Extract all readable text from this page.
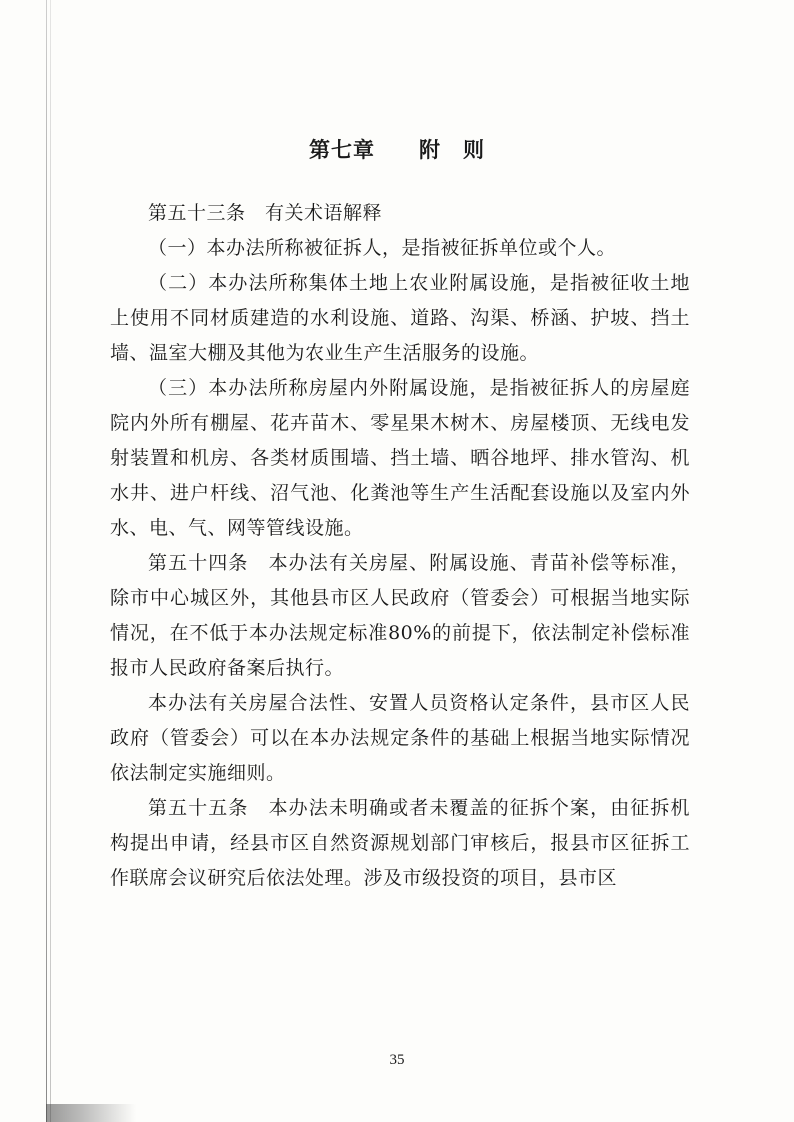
第七章　　附　则

第五十三条　有关术语解释

（一）本办法所称被征拆人，是指被征拆单位或个人。

（二）本办法所称集体土地上农业附属设施，是指被征收土地上使用不同材质建造的水利设施、道路、沟渠、桥涵、护坡、挡土墙、温室大棚及其他为农业生产生活服务的设施。

（三）本办法所称房屋内外附属设施，是指被征拆人的房屋庭院内外所有棚屋、花卉苗木、零星果木树木、房屋楼顶、无线电发射装置和机房、各类材质围墙、挡土墙、晒谷地坪、排水管沟、机水井、进户杆线、沼气池、化粪池等生产生活配套设施以及室内外水、电、气、网等管线设施。

第五十四条　本办法有关房屋、附属设施、青苗补偿等标准，除市中心城区外，其他县市区人民政府（管委会）可根据当地实际情况，在不低于本办法规定标准80%的前提下，依法制定补偿标准报市人民政府备案后执行。

本办法有关房屋合法性、安置人员资格认定条件，县市区人民政府（管委会）可以在本办法规定条件的基础上根据当地实际情况依法制定实施细则。

第五十五条　本办法未明确或者未覆盖的征拆个案，由征拆机构提出申请，经县市区自然资源规划部门审核后，报县市区征拆工作联席会议研究后依法处理。涉及市级投资的项目，县市区

35
